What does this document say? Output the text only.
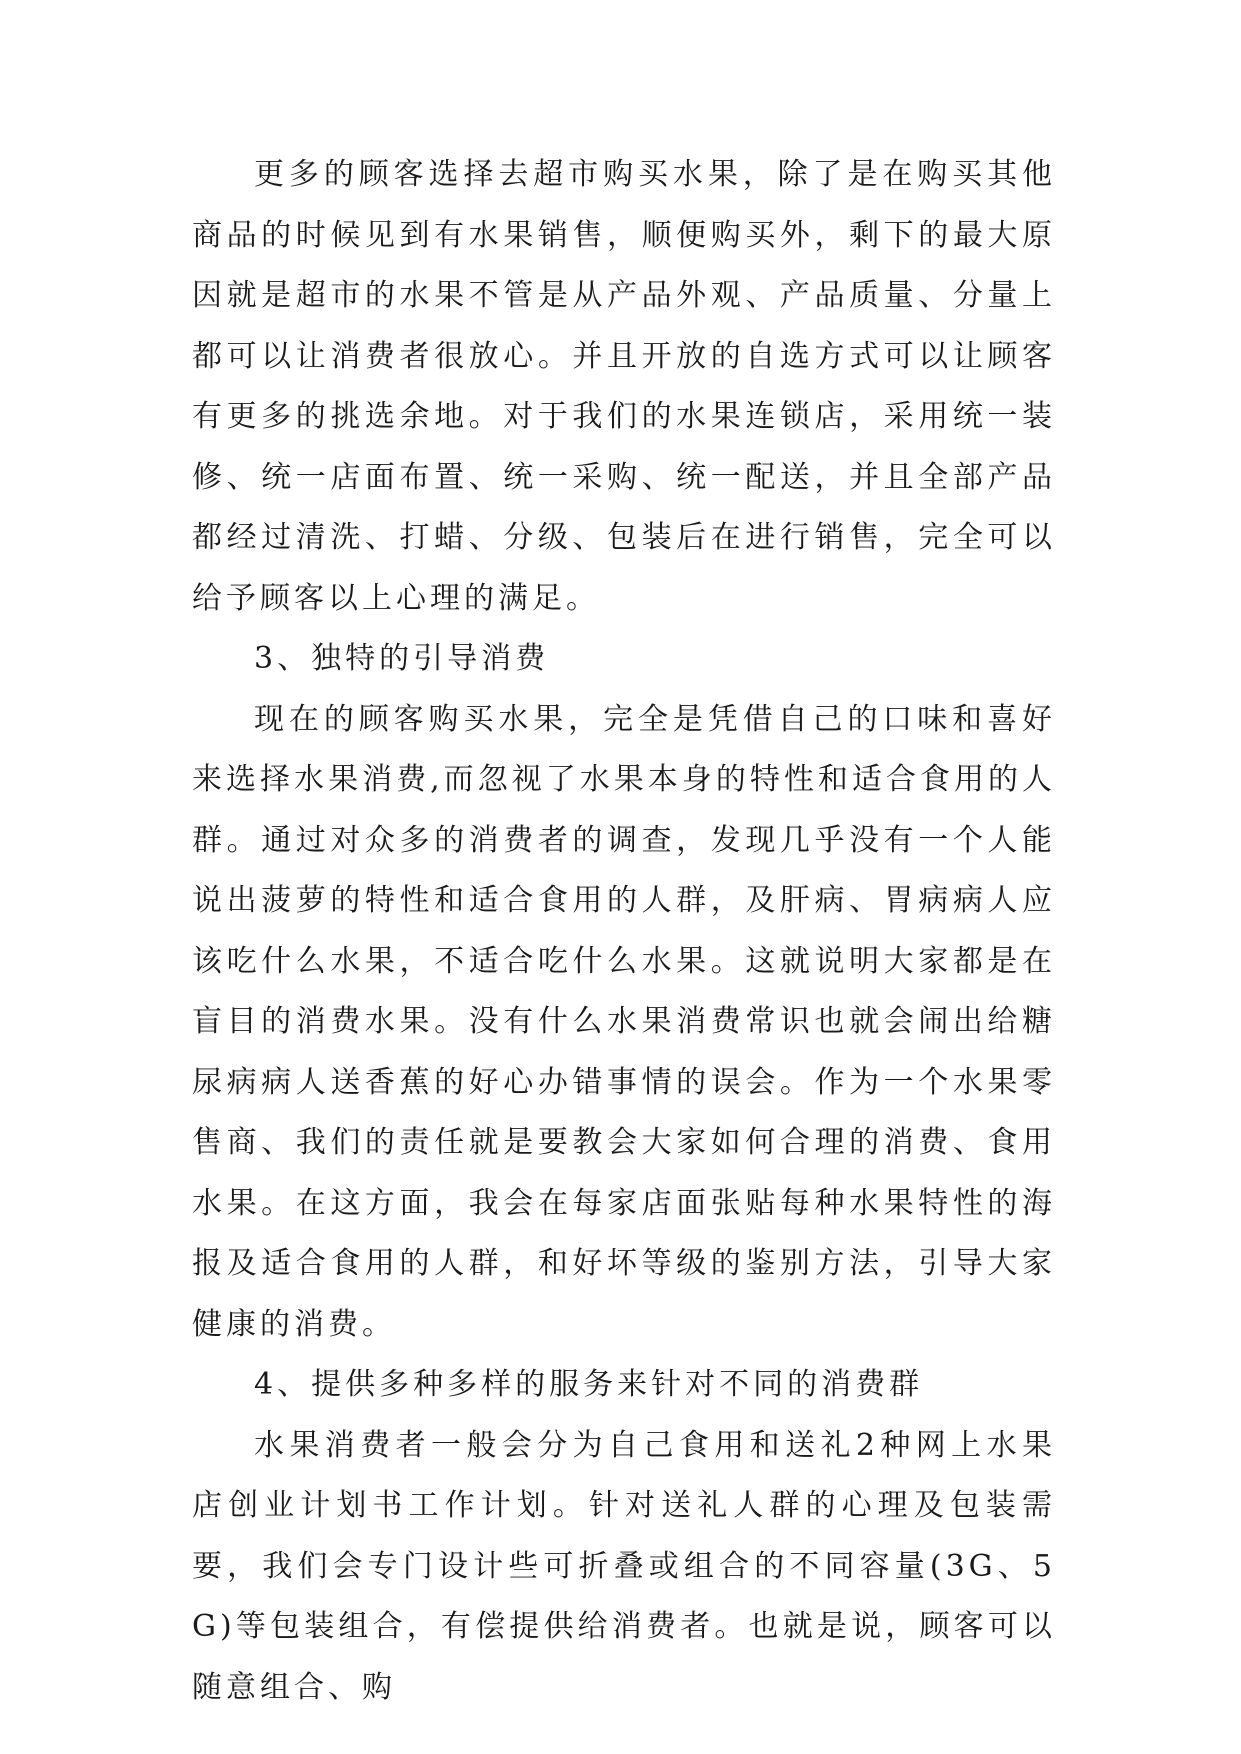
更多的顾客选择去超市购买水果，除了是在购买其他商品的时候见到有水果销售，顺便购买外，剩下的最大原因就是超市的水果不管是从产品外观、产品质量、分量上都可以让消费者很放心。并且开放的自选方式可以让顾客有更多的挑选余地。对于我们的水果连锁店，采用统一装修、统一店面布置、统一采购、统一配送，并且全部产品都经过清洗、打蜡、分级、包装后在进行销售，完全可以给予顾客以上心理的满足。

3、独特的引导消费

现在的顾客购买水果，完全是凭借自己的口味和喜好来选择水果消费,而忽视了水果本身的特性和适合食用的人群。通过对众多的消费者的调查，发现几乎没有一个人能说出菠萝的特性和适合食用的人群，及肝病、胃病病人应该吃什么水果，不适合吃什么水果。这就说明大家都是在盲目的消费水果。没有什么水果消费常识也就会闹出给糖尿病病人送香蕉的好心办错事情的误会。作为一个水果零售商、我们的责任就是要教会大家如何合理的消费、食用水果。在这方面，我会在每家店面张贴每种水果特性的海报及适合食用的人群，和好坏等级的鉴别方法，引导大家健康的消费。

4、提供多种多样的服务来针对不同的消费群

水果消费者一般会分为自己食用和送礼2种网上水果店创业计划书工作计划。针对送礼人群的心理及包装需要，我们会专门设计些可折叠或组合的不同容量(3G、5G)等包装组合，有偿提供给消费者。也就是说，顾客可以随意组合、购
